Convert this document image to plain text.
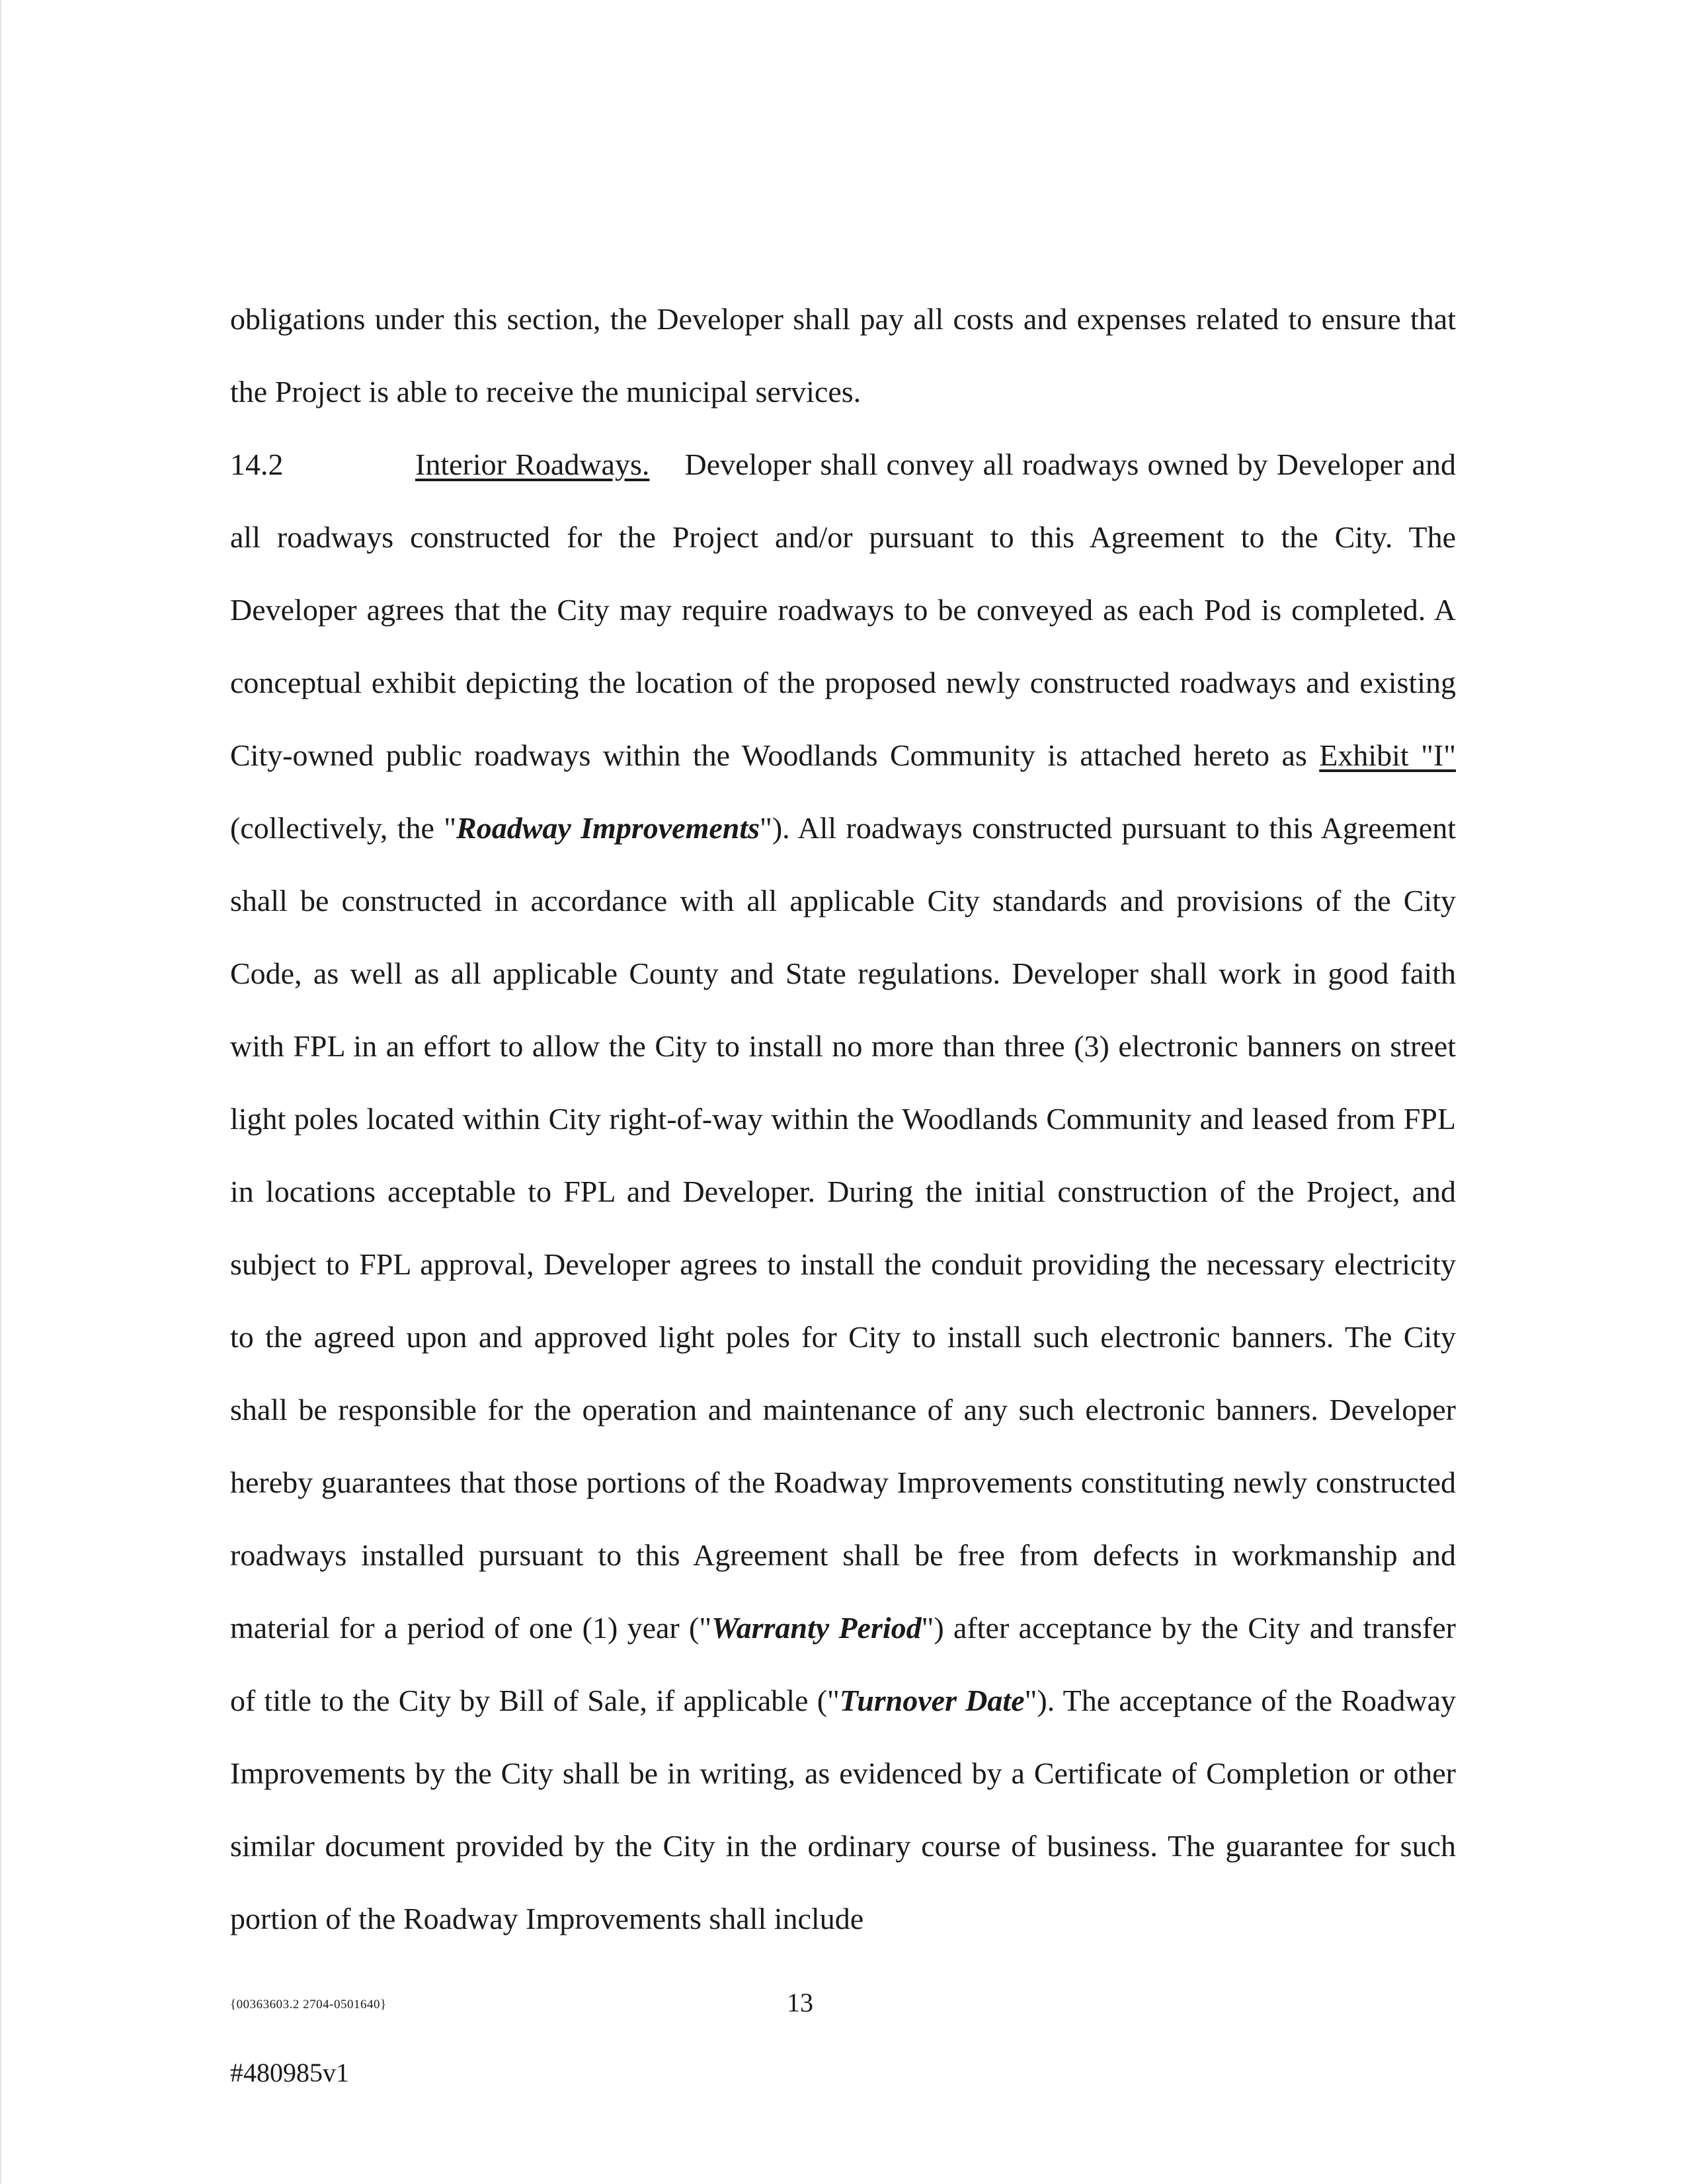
obligations under this section, the Developer shall pay all costs and expenses related to ensure that the Project is able to receive the municipal services.

14.2	Interior Roadways. Developer shall convey all roadways owned by Developer and all roadways constructed for the Project and/or pursuant to this Agreement to the City. The Developer agrees that the City may require roadways to be conveyed as each Pod is completed. A conceptual exhibit depicting the location of the proposed newly constructed roadways and existing City-owned public roadways within the Woodlands Community is attached hereto as Exhibit "I" (collectively, the "Roadway Improvements"). All roadways constructed pursuant to this Agreement shall be constructed in accordance with all applicable City standards and provisions of the City Code, as well as all applicable County and State regulations. Developer shall work in good faith with FPL in an effort to allow the City to install no more than three (3) electronic banners on street light poles located within City right-of-way within the Woodlands Community and leased from FPL in locations acceptable to FPL and Developer. During the initial construction of the Project, and subject to FPL approval, Developer agrees to install the conduit providing the necessary electricity to the agreed upon and approved light poles for City to install such electronic banners. The City shall be responsible for the operation and maintenance of any such electronic banners. Developer hereby guarantees that those portions of the Roadway Improvements constituting newly constructed roadways installed pursuant to this Agreement shall be free from defects in workmanship and material for a period of one (1) year ("Warranty Period") after acceptance by the City and transfer of title to the City by Bill of Sale, if applicable ("Turnover Date"). The acceptance of the Roadway Improvements by the City shall be in writing, as evidenced by a Certificate of Completion or other similar document provided by the City in the ordinary course of business. The guarantee for such portion of the Roadway Improvements shall include

{00363603.2 2704-0501640}	13
#480985v1
